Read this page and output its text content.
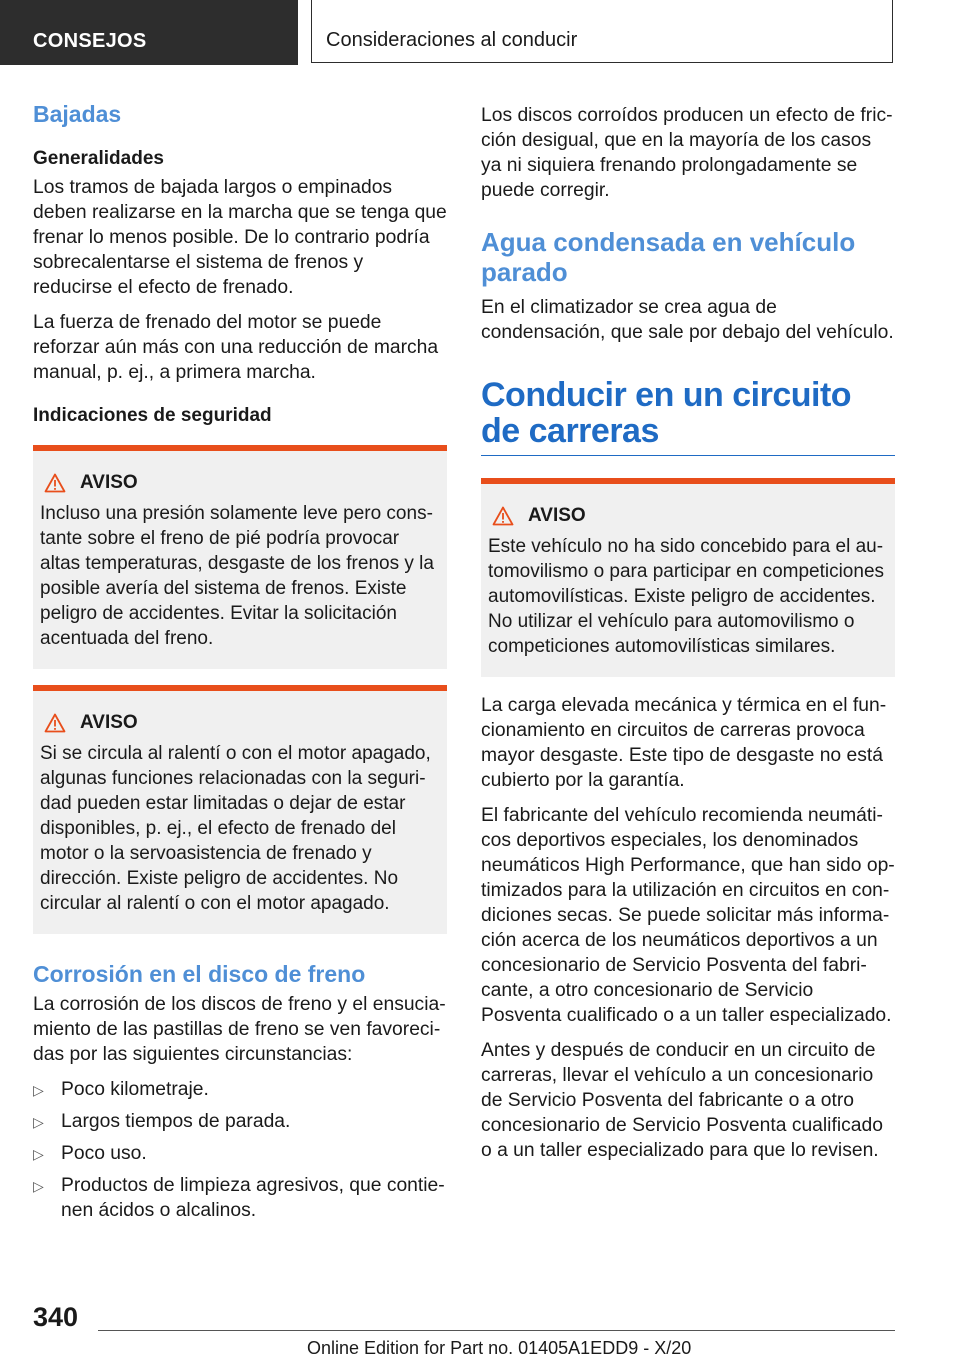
CONSEJOS	Consideraciones al conducir
Bajadas
Generalidades

Los tramos de bajada largos o empinados deben realizarse en la marcha que se tenga que frenar lo menos posible. De lo contrario podría sobrecalentarse el sistema de frenos y reducirse el efecto de frenado.

La fuerza de frenado del motor se puede reforzar aún más con una reducción de marcha manual, p. ej., a primera marcha.

Indicaciones de seguridad
AVISO

Incluso una presión solamente leve pero constante sobre el freno de pié podría provocar altas temperaturas, desgaste de los frenos y la posible avería del sistema de frenos. Existe peligro de accidentes. Evitar la solicitación acentuada del freno.

AVISO

Si se circula al ralentí o con el motor apagado, algunas funciones relacionadas con la seguridad pueden estar limitadas o dejar de estar disponibles, p. ej., el efecto de frenado del motor o la servoasistencia de frenado y dirección. Existe peligro de accidentes. No circular al ralentí o con el motor apagado.

Corrosión en el disco de freno

La corrosión de los discos de freno y el ensuciamiento de las pastillas de freno se ven favorecidas por las siguientes circunstancias:

▷ Poco kilometraje.
▷ Largos tiempos de parada.
▷ Poco uso.
▷ Productos de limpieza agresivos, que contienen ácidos o alcalinos.

Los discos corroídos producen un efecto de fricción desigual, que en la mayoría de los casos ya ni siquiera frenando prolongadamente se puede corregir.

Agua condensada en vehículo parado

En el climatizador se crea agua de condensación, que sale por debajo del vehículo.

Conducir en un circuito de carreras
AVISO

Este vehículo no ha sido concebido para el automovilismo o para participar en competiciones automovilísticas. Existe peligro de accidentes. No utilizar el vehículo para automovilismo o competiciones automovilísticas similares.

La carga elevada mecánica y térmica en el funcionamiento en circuitos de carreras provoca mayor desgaste. Este tipo de desgaste no está cubierto por la garantía.

El fabricante del vehículo recomienda neumáticos deportivos especiales, los denominados neumáticos High Performance, que han sido optimizados para la utilización en circuitos en condiciones secas. Se puede solicitar más información acerca de los neumáticos deportivos a un concesionario de Servicio Posventa del fabricante, a otro concesionario de Servicio Posventa cualificado o a un taller especializado.

Antes y después de conducir en un circuito de carreras, llevar el vehículo a un concesionario de Servicio Posventa del fabricante o a otro concesionario de Servicio Posventa cualificado o a un taller especializado para que lo revisen.

340
Online Edition for Part no. 01405A1EDD9 - X/20
